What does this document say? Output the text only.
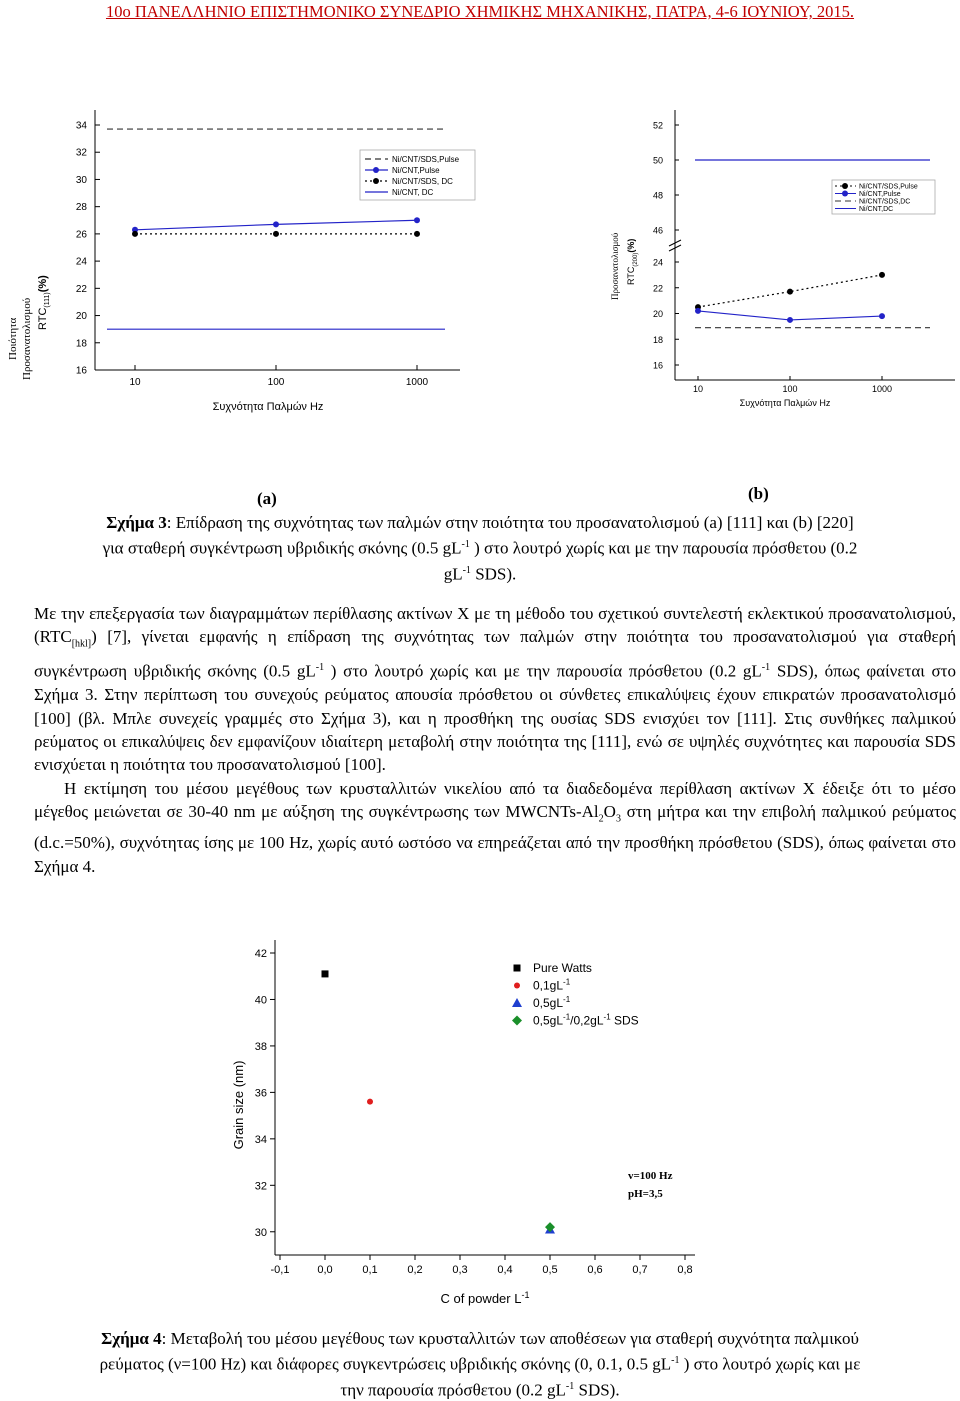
10ο ΠΑΝΕΛΛΗΝΙΟ ΕΠΙΣΤΗΜΟΝΙΚΟ ΣΥΝΕΔΡΙΟ ΧΗΜΙΚΗΣ ΜΗΧΑΝΙΚΗΣ, ΠΑΤΡΑ, 4-6 ΙΟΥΝΙΟΥ, 2015.
16
18
20
22
24
26
28
30
32
34
10	100	1000
Συχνότητα Παλμών Hz
Ποιότητα Προσανατολισμού $RTC_{(111)}(\%)$
Ni/CNT/SDS,Pulse
Ni/CNT,Pulse
Ni/CNT/SDS, DC
Ni/CNT, DC
16
18
20
22
24
46
48
50
52
10	100	1000
Συχνότητα Παλμών Hz
Προσανατολισμού $RTC_{(200)}(\%)$
Ni/CNT/SDS,Pulse
Ni/CNT,Pulse
Ni/CNT/SDS,DC
Ni/CNT,DC
(a)	(b)
Σχήμα 3: Επίδραση της συχνότητας των παλμών στην ποιότητα του προσανατολισμού (a) [111] και (b) [220]
για σταθερή συγκέντρωση υβριδικής σκόνης (0.5 $gL^{-1}$ ) στο λουτρό χωρίς και με την παρουσία πρόσθετου (0.2
$gL^{-1}$ SDS).

Με την επεξεργασία των διαγραμμάτων περίθλασης ακτίνων Χ με τη μέθοδο του σχετικού συντελεστή εκλεκτικού προσανατολισμού, $(RTC_{[hkl]})$ [7], γίνεται εμφανής η επίδραση της συχνότητας των παλμών στην ποιότητα του προσανατολισμού για σταθερή συγκέντρωση υβριδικής σκόνης (0.5 $gL^{-1}$ ) στο λουτρό χωρίς και με την παρουσία πρόσθετου (0.2 $gL^{-1}$ SDS), όπως φαίνεται στο Σχήμα 3. Στην περίπτωση του συνεχούς ρεύματος απουσία πρόσθετου οι σύνθετες επικαλύψεις έχουν επικρατών προσανατολισμό [100] (βλ. Μπλε συνεχείς γραμμές στο Σχήμα 3), και η προσθήκη της ουσίας SDS ενισχύει τον [111]. Στις συνθήκες παλμικού ρεύματος οι επικαλύψεις δεν εμφανίζουν ιδιαίτερη μεταβολή στην ποιότητα της [111], ενώ σε υψηλές συχνότητες και παρουσία SDS ενισχύεται η ποιότητα του προσανατολισμού [100].

Η εκτίμηση του μέσου μεγέθους των κρυσταλλιτών νικελίου από τα διαδεδομένα περίθλαση ακτίνων Χ έδειξε ότι το μέσο μέγεθος μειώνεται σε 30-40 nm με αύξηση της συγκέντρωσης των MWCNTs-$Al_2O_3$ στη μήτρα και την επιβολή παλμικού ρεύματος (d.c.=50%), συχνότητας ίσης με 100 Hz, χωρίς αυτό ωστόσο να επηρεάζεται από την προσθήκη πρόσθετου (SDS), όπως φαίνεται στο Σχήμα 4.

30
32
34
36
38
40
42
-0,1	0,0	0,1	0,2	0,3	0,4	0,5	0,6	0,7	0,8
C of powder $L^{-1}$
Grain size (nm)
Pure Watts
$0,1gL^{-1}$
$0,5gL^{-1}$
$0,5gL^{-1}/0,2gL^{-1}$ SDS
v=100 Hz
pH=3,5
Σχήμα 4: Μεταβολή του μέσου μεγέθους των κρυσταλλιτών των αποθέσεων για σταθερή συχνότητα παλμικού
ρεύματος (ν=100 Hz) και διάφορες συγκεντρώσεις υβριδικής σκόνης (0, 0.1, 0.5 $gL^{-1}$ ) στο λουτρό χωρίς και με
την παρουσία πρόσθετου (0.2 $gL^{-1}$ SDS).
